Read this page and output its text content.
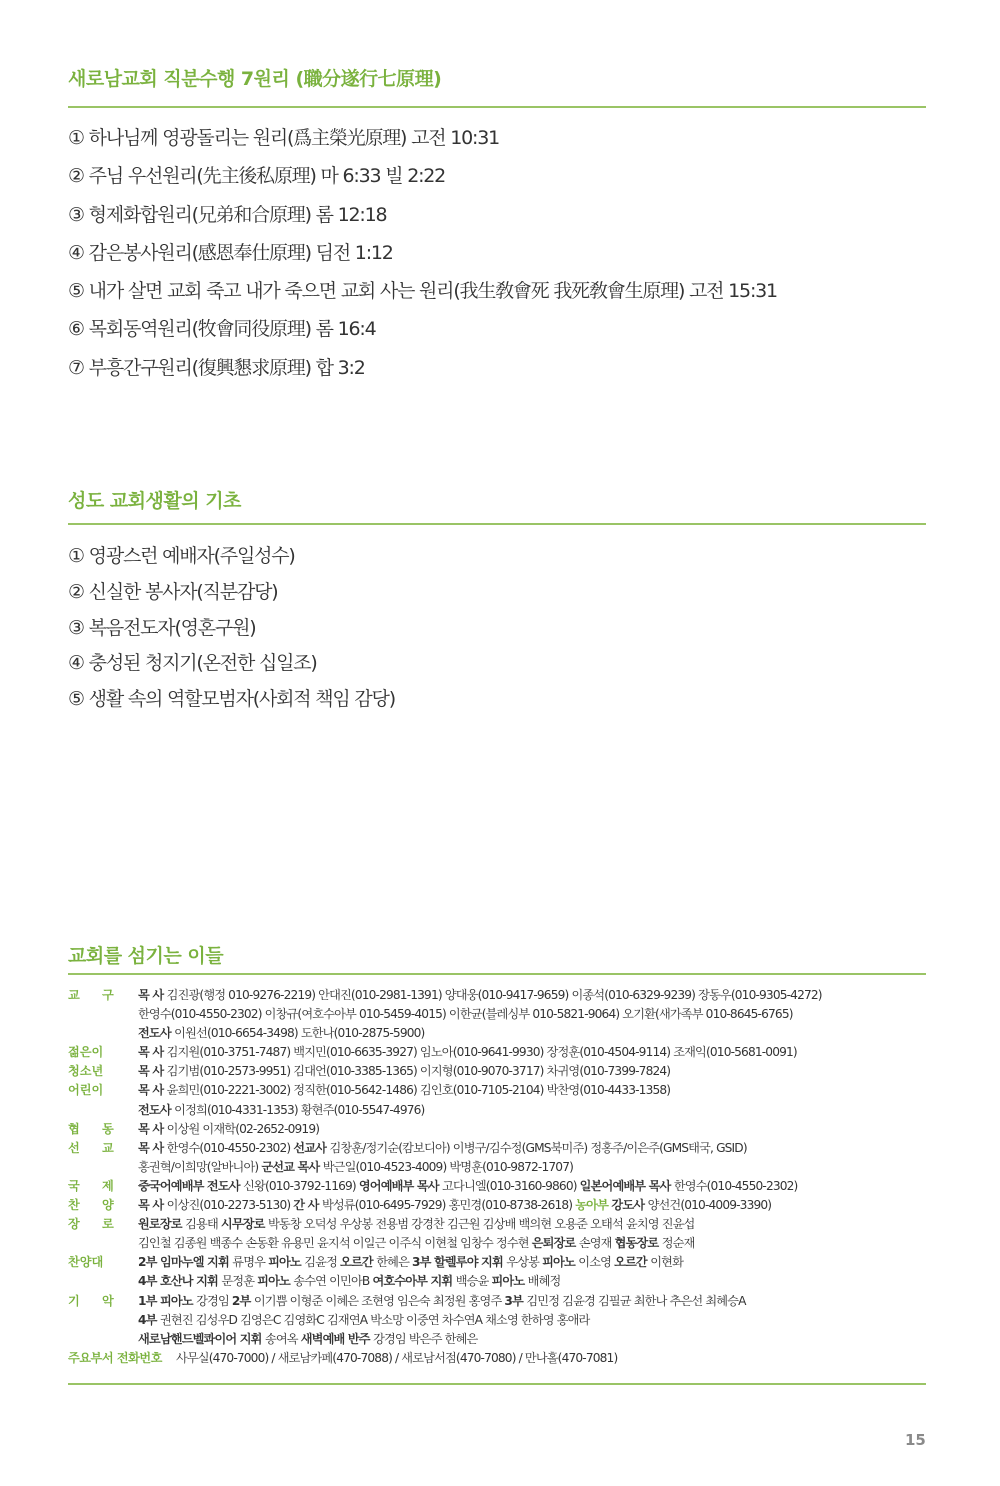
새로남교회 직분수행 7원리 (職分遂行七原理)
① 하나님께 영광돌리는 원리(爲主榮光原理) 고전 10:31
② 주님 우선원리(先主後私原理) 마 6:33 빌 2:22
③ 형제화합원리(兄弟和合原理) 롬 12:18
④ 감은봉사원리(感恩奉仕原理) 딤전 1:12
⑤ 내가 살면 교회 죽고 내가 죽으면 교회 사는 원리(我生敎會死 我死敎會生原理) 고전 15:31
⑥ 목회동역원리(牧會同役原理) 롬 16:4
⑦ 부흥간구원리(復興懇求原理) 합 3:2
성도 교회생활의 기초
① 영광스런 예배자(주일성수)
② 신실한 봉사자(직분감당)
③ 복음전도자(영혼구원)
④ 충성된 청지기(온전한 십일조)
⑤ 생활 속의 역할모범자(사회적 책임 감당)
교회를 섬기는 이들
교 구	목 사 김진광(행정 010-9276-2219) 안대진(010-2981-1391) 양대웅(010-9417-9659) 이종석(010-6329-9239) 장동우(010-9305-4272)
한영수(010-4550-2302) 이창규(여호수아부 010-5459-4015) 이한균(블레싱부 010-5821-9064) 오기환(새가족부 010-8645-6765)
전도사 이원선(010-6654-3498) 도한나(010-2875-5900)
젊은이	목 사 김지원(010-3751-7487) 백지민(010-6635-3927) 임노아(010-9641-9930) 장정훈(010-4504-9114) 조재익(010-5681-0091)
청소년	목 사 김기범(010-2573-9951) 김대언(010-3385-1365) 이지형(010-9070-3717) 차귀영(010-7399-7824)
어린이	목 사 윤희민(010-2221-3002) 정직한(010-5642-1486) 김인호(010-7105-2104) 박찬영(010-4433-1358)
전도사 이정희(010-4331-1353) 황현주(010-5547-4976)
협 동	목 사 이상원 이재학(02-2652-0919)
선 교	목 사 한영수(010-4550-2302) 선교사 김창훈/정기순(캄보디아) 이병구/김수정(GMS북미주) 정홍주/이은주(GMS태국, GSID)
홍권혁/이희망(알바니아) 군선교 목사 박근일(010-4523-4009) 박명훈(010-9872-1707)
국 제	중국어예배부 전도사 신왕(010-3792-1169) 영어예배부 목사 고다니엘(010-3160-9860) 일본어예배부 목사 한영수(010-4550-2302)
찬 양	목 사 이상진(010-2273-5130) 간 사 박성류(010-6495-7929) 홍민경(010-8738-2618) 농아부 강도사 양선건(010-4009-3390)
장 로	원로장로 김용태 시무장로 박동창 오덕성 우상봉 전용범 강경찬 김근원 김상배 백의현 오용준 오태석 윤치영 진윤섭
김인철 김종원 백종수 손동환 유용민 윤지석 이일근 이주식 이현철 임창수 정수현 은퇴장로 손영재 협동장로 정순재
찬양대	2부 임마누엘 지휘 류명우 피아노 김윤정 오르간 한혜은 3부 할렐루야 지휘 우상봉 피아노 이소영 오르간 이현화
4부 호산나 지휘 문정훈 피아노 송수연 이민아B 여호수아부 지휘 백승윤 피아노 배혜정
기 악	1부 피아노 강경임 2부 이기쁨 이형준 이혜은 조현영 임은숙 최정원 홍영주 3부 김민정 김윤경 김필균 최한나 추은선 최혜승A
4부 권현진 김성우D 김영은C 김영화C 김재연A 박소망 이중연 차수연A 채소영 한하영 홍애라
새로남핸드벨콰이어 지휘 송여옥 새벽예배 반주 강경임 박은주 한혜은
주요부서 전화번호 사무실(470-7000) / 새로남카페(470-7088) / 새로남서점(470-7080) / 만나홀(470-7081)
15
